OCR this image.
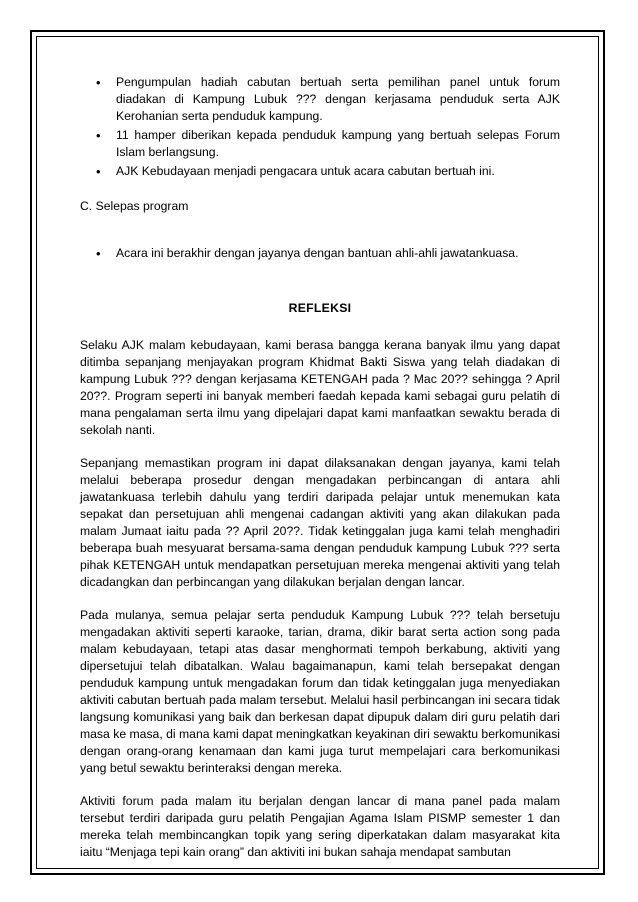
• Pengumpulan hadiah cabutan bertuah serta pemilihan panel untuk forum diadakan di Kampung Lubuk ??? dengan kerjasama penduduk serta AJK Kerohanian serta penduduk kampung.
• 11 hamper diberikan kepada penduduk kampung yang bertuah selepas Forum Islam berlangsung.
• AJK Kebudayaan menjadi pengacara untuk acara cabutan bertuah ini.
C. Selepas program
• Acara ini berakhir dengan jayanya dengan bantuan ahli-ahli jawatankuasa.
REFLEKSI

Selaku AJK malam kebudayaan, kami berasa bangga kerana banyak ilmu yang dapat ditimba sepanjang menjayakan program Khidmat Bakti Siswa yang telah diadakan di kampung Lubuk ??? dengan kerjasama KETENGAH pada ? Mac 20?? sehingga ? April 20??. Program seperti ini banyak memberi faedah kepada kami sebagai guru pelatih di mana pengalaman serta ilmu yang dipelajari dapat kami manfaatkan sewaktu berada di sekolah nanti.

Sepanjang memastikan program ini dapat dilaksanakan dengan jayanya, kami telah melalui beberapa prosedur dengan mengadakan perbincangan di antara ahli jawatankuasa terlebih dahulu yang terdiri daripada pelajar untuk menemukan kata sepakat dan persetujuan ahli mengenai cadangan aktiviti yang akan dilakukan pada malam Jumaat iaitu pada ?? April 20??. Tidak ketinggalan juga kami telah menghadiri beberapa buah mesyuarat bersama-sama dengan penduduk kampung Lubuk ??? serta pihak KETENGAH untuk mendapatkan persetujuan mereka mengenai aktiviti yang telah dicadangkan dan perbincangan yang dilakukan berjalan dengan lancar.

Pada mulanya, semua pelajar serta penduduk Kampung Lubuk ??? telah bersetuju mengadakan aktiviti seperti karaoke, tarian, drama, dikir barat serta action song pada malam kebudayaan, tetapi atas dasar menghormati tempoh berkabung, aktiviti yang dipersetujui telah dibatalkan. Walau bagaimanapun, kami telah bersepakat dengan penduduk kampung untuk mengadakan forum dan tidak ketinggalan juga menyediakan aktiviti cabutan bertuah pada malam tersebut. Melalui hasil perbincangan ini secara tidak langsung komunikasi yang baik dan berkesan dapat dipupuk dalam diri guru pelatih dari masa ke masa, di mana kami dapat meningkatkan keyakinan diri sewaktu berkomunikasi dengan orang-orang kenamaan dan kami juga turut mempelajari cara berkomunikasi yang betul sewaktu berinteraksi dengan mereka.

Aktiviti forum pada malam itu berjalan dengan lancar di mana panel pada malam tersebut terdiri daripada guru pelatih Pengajian Agama Islam PISMP semester 1 dan mereka telah membincangkan topik yang sering diperkatakan dalam masyarakat kita iaitu “Menjaga tepi kain orang” dan aktiviti ini bukan sahaja mendapat sambutan
